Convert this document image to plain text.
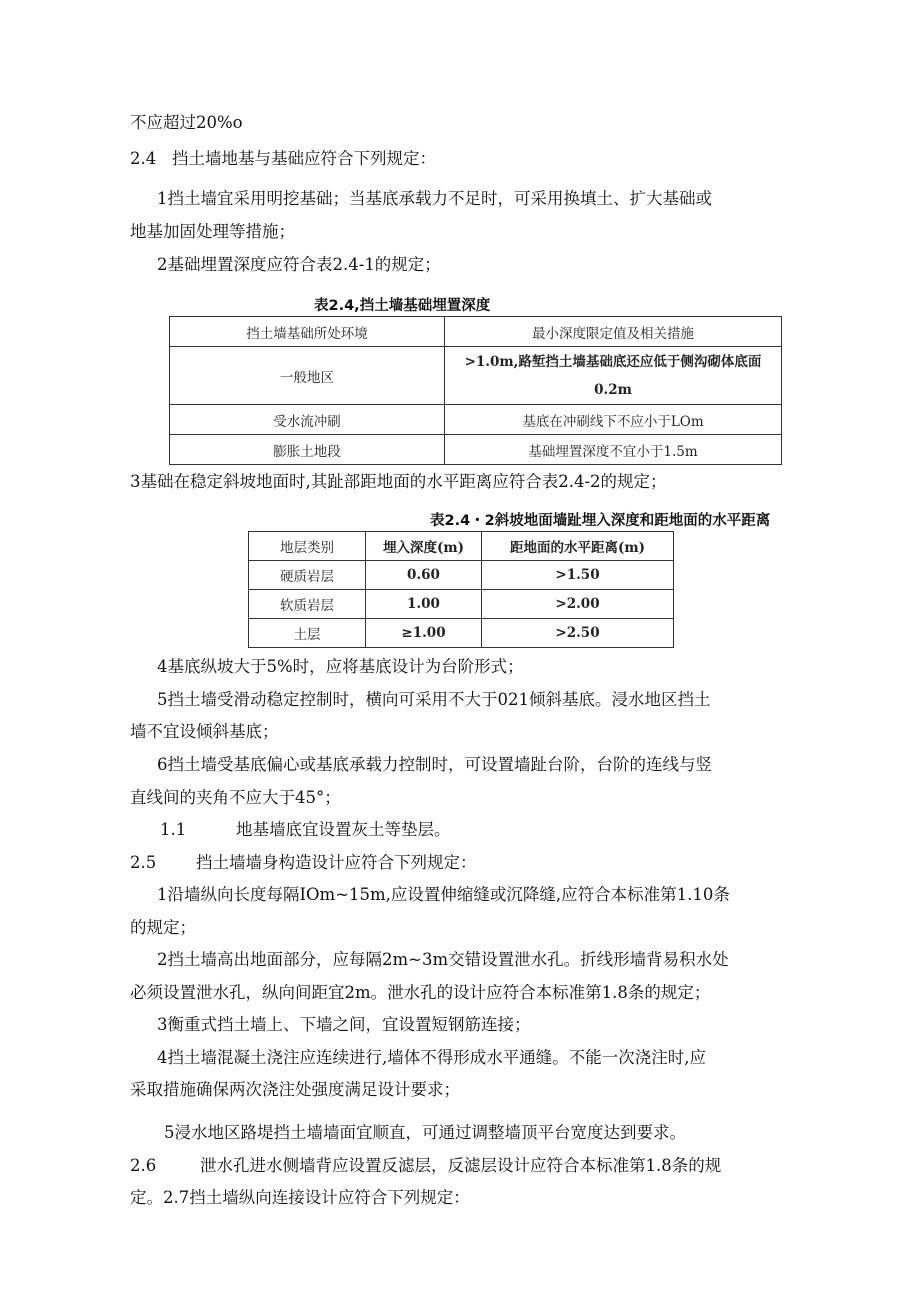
不应超过20%o
2.4 挡土墙地基与基础应符合下列规定：
1挡土墙宜采用明挖基础；当基底承载力不足时，可采用换填土、扩大基础或
地基加固处理等措施；
2基础埋置深度应符合表2.4-1的规定；
表2.4,挡土墙基础埋置深度
挡土墙基础所处环境	最小深度限定值及相关措施
一般地区	>1.0m,路堑挡土墙基础底还应低于侧沟砌体底面
0.2m

受水流冲刷	基底在冲刷线下不应小于LOm
膨胀土地段	基础埋置深度不宜小于1.5m
3基础在稳定斜坡地面时,其趾部距地面的水平距离应符合表2.4-2的规定；
表2.4・2斜坡地面墙趾埋入深度和距地面的水平距离
地层类别	埋入深度(m)	距地面的水平距离(m)
硬质岩层	0.60	>1.50
软质岩层	1.00	>2.00
土层	≥1.00	>2.50
4基底纵坡大于5%时，应将基底设计为台阶形式；
5挡土墙受滑动稳定控制时，横向可采用不大于021倾斜基底。浸水地区挡土
墙不宜设倾斜基底；
6挡土墙受基底偏心或基底承载力控制时，可设置墙趾台阶，台阶的连线与竖
直线间的夹角不应大于45°；
1.1	地基墙底宜设置灰土等垫层。
2.5 挡土墙墙身构造设计应符合下列规定：
1沿墙纵向长度每隔IOm~15m,应设置伸缩缝或沉降缝,应符合本标准第1.10条
的规定；
2挡土墙高出地面部分，应每隔2m~3m交错设置泄水孔。折线形墙背易积水处
必须设置泄水孔，纵向间距宜2m。泄水孔的设计应符合本标准第1.8条的规定；
3衡重式挡土墙上、下墙之间，宜设置短钢筋连接；
4挡土墙混凝土浇注应连续进行,墙体不得形成水平通缝。不能一次浇注时,应
采取措施确保两次浇注处强度满足设计要求；
5浸水地区路堤挡土墙墙面宜顺直，可通过调整墙顶平台宽度达到要求。
2.6	泄水孔进水侧墙背应设置反滤层，反滤层设计应符合本标准第1.8条的规
定。2.7挡土墙纵向连接设计应符合下列规定：
